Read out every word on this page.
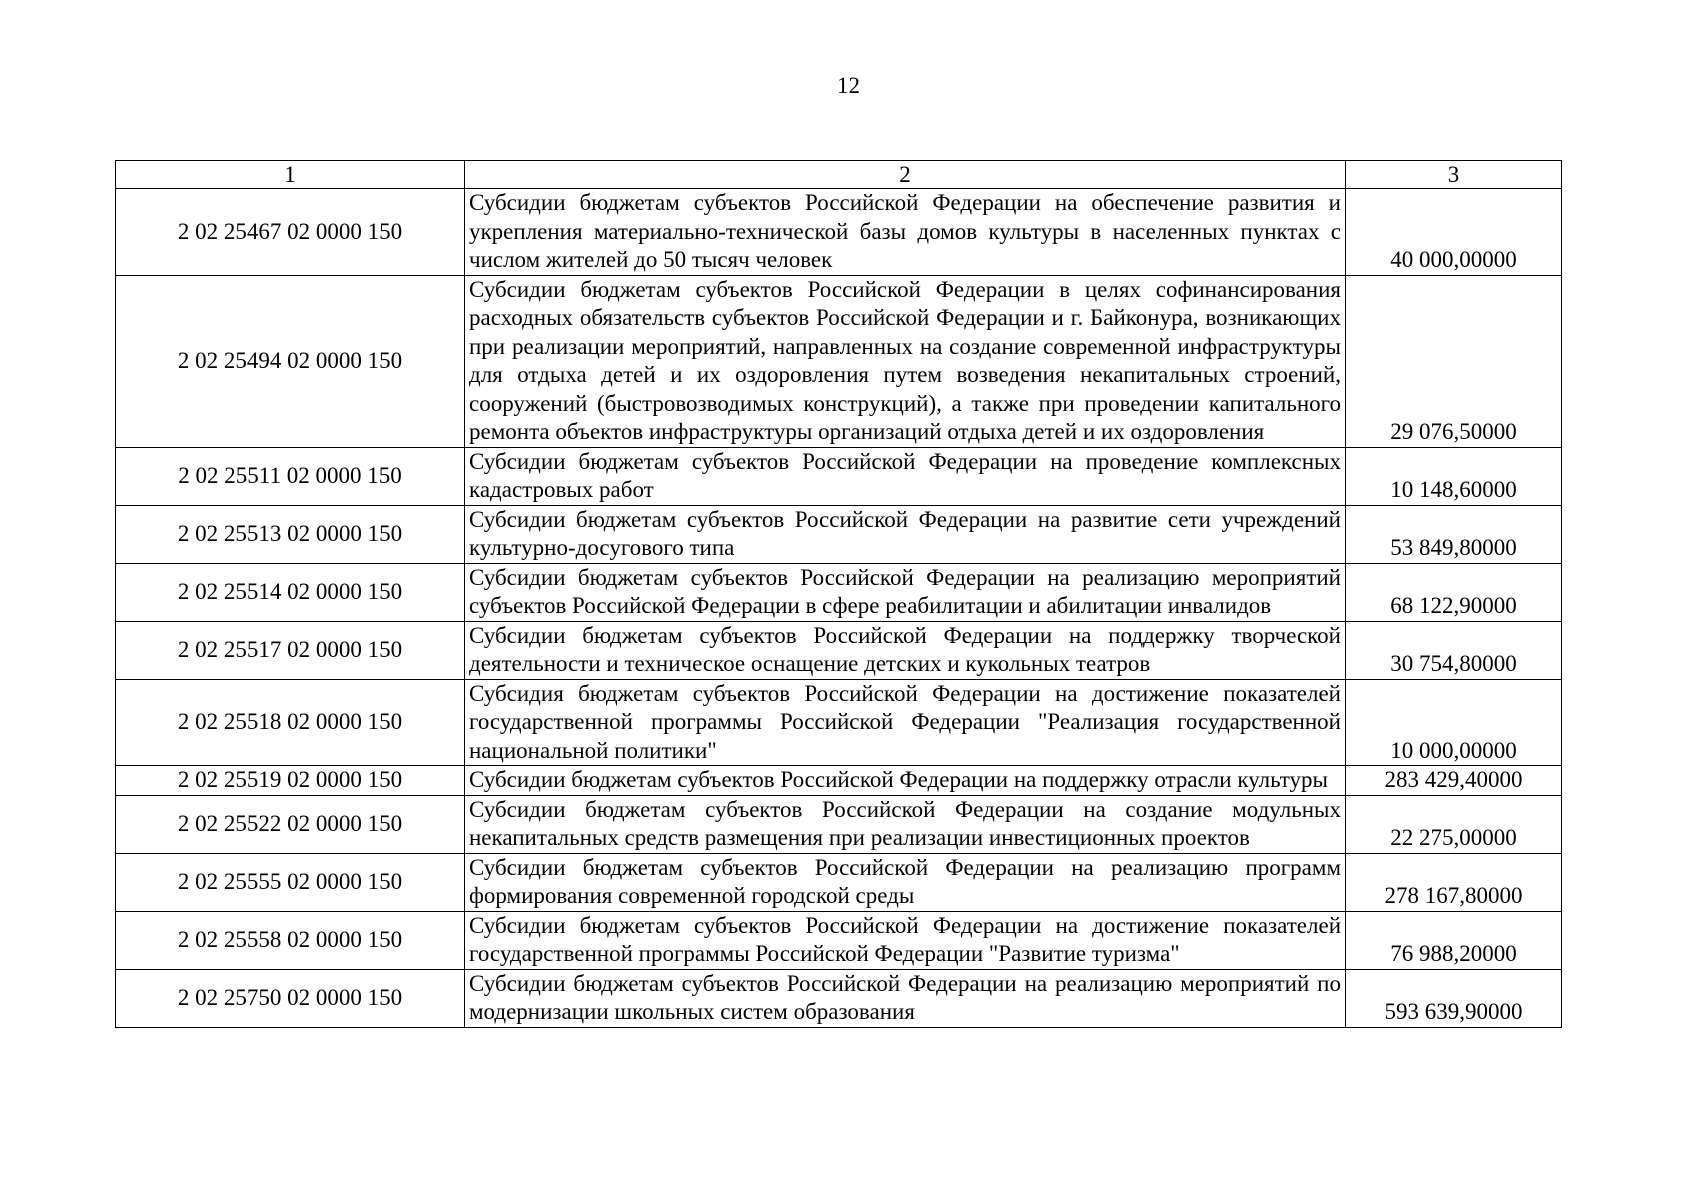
12
1	2	3
2 02 25467 02 0000 150	Субсидии бюджетам субъектов Российской Федерации на обеспечение развития и укрепления материально-технической базы домов культуры в населенных пунктах с числом жителей до 50 тысяч человек	40 000,00000
2 02 25494 02 0000 150	Субсидии бюджетам субъектов Российской Федерации в целях софинансирования расходных обязательств субъектов Российской Федерации и г. Байконура, возникающих при реализации мероприятий, направленных на создание современной инфраструктуры для отдыха детей и их оздоровления путем возведения некапитальных строений, сооружений (быстровозводимых конструкций), а также при проведении капитального ремонта объектов инфраструктуры организаций отдыха детей и их оздоровления	29 076,50000
2 02 25511 02 0000 150	Субсидии бюджетам субъектов Российской Федерации на проведение комплексных кадастровых работ	10 148,60000
2 02 25513 02 0000 150	Субсидии бюджетам субъектов Российской Федерации на развитие сети учреждений культурно-досугового типа	53 849,80000
2 02 25514 02 0000 150	Субсидии бюджетам субъектов Российской Федерации на реализацию мероприятий субъектов Российской Федерации в сфере реабилитации и абилитации инвалидов	68 122,90000
2 02 25517 02 0000 150	Субсидии бюджетам субъектов Российской Федерации на поддержку творческой деятельности и техническое оснащение детских и кукольных театров	30 754,80000
2 02 25518 02 0000 150	Субсидия бюджетам субъектов Российской Федерации на достижение показателей государственной программы Российской Федерации "Реализация государственной национальной политики"	10 000,00000
2 02 25519 02 0000 150	Субсидии бюджетам субъектов Российской Федерации на поддержку отрасли культуры	283 429,40000
2 02 25522 02 0000 150	Субсидии бюджетам субъектов Российской Федерации на создание модульных некапитальных средств размещения при реализации инвестиционных проектов	22 275,00000
2 02 25555 02 0000 150	Субсидии бюджетам субъектов Российской Федерации на реализацию программ формирования современной городской среды	278 167,80000
2 02 25558 02 0000 150	Субсидии бюджетам субъектов Российской Федерации на достижение показателей государственной программы Российской Федерации "Развитие туризма"	76 988,20000
2 02 25750 02 0000 150	Субсидии бюджетам субъектов Российской Федерации на реализацию мероприятий по модернизации школьных систем образования	593 639,90000
